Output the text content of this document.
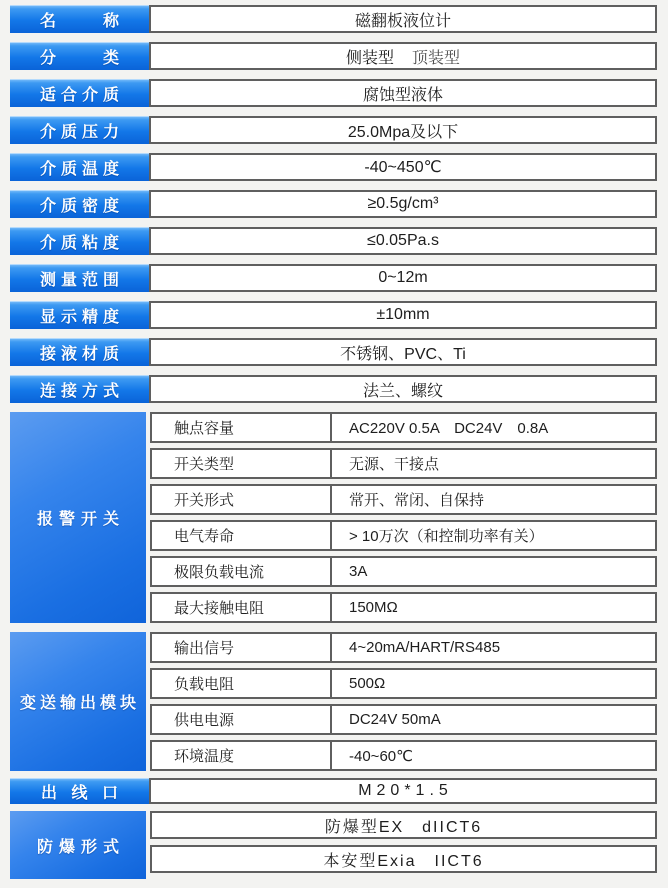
名　　称	磁翻板液位计
分　　类	侧装型 顶装型
适合介质	腐蚀型液体
介质压力	25.0Mpa及以下
介质温度	-40~450℃
介质密度	≥0.5g/cm³
介质粘度	≤0.05Pa.s
测量范围	0~12m
显示精度	±10mm
接液材质	不锈钢、PVC、Ti
连接方式	法兰、螺纹
报警开关
触点容量	AC220V 0.5A　DC24V　0.8A
开关类型	无源、干接点
开关形式	常开、常闭、自保持
电气寿命	> 10万次（和控制功率有关）
极限负载电流	3A
最大接触电阻	150MΩ
变送输出模块
输出信号	4~20mA/HART/RS485
负载电阻	500Ω
供电电源	DC24V 50mA
环境温度	-40~60℃
出 线 口	M20*1.5
防爆形式
防爆型EX　dIICT6
本安型Exia　IICT6
